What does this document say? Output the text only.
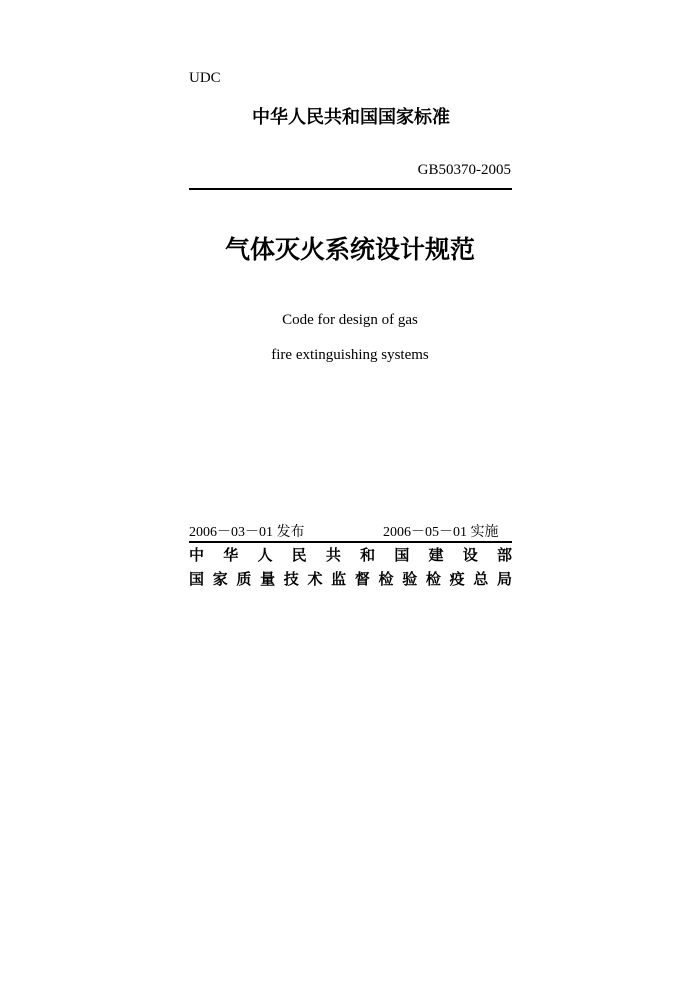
UDC
中华人民共和国国家标准
GB50370-2005
气体灭火系统设计规范
Code for design of gas
fire extinguishing systems
2006－03－01 发布	2006－05－01 实施
中 华 人 民 共 和 国 建 设 部
国 家 质 量 技 术 监 督 检 验 检 疫 总 局
